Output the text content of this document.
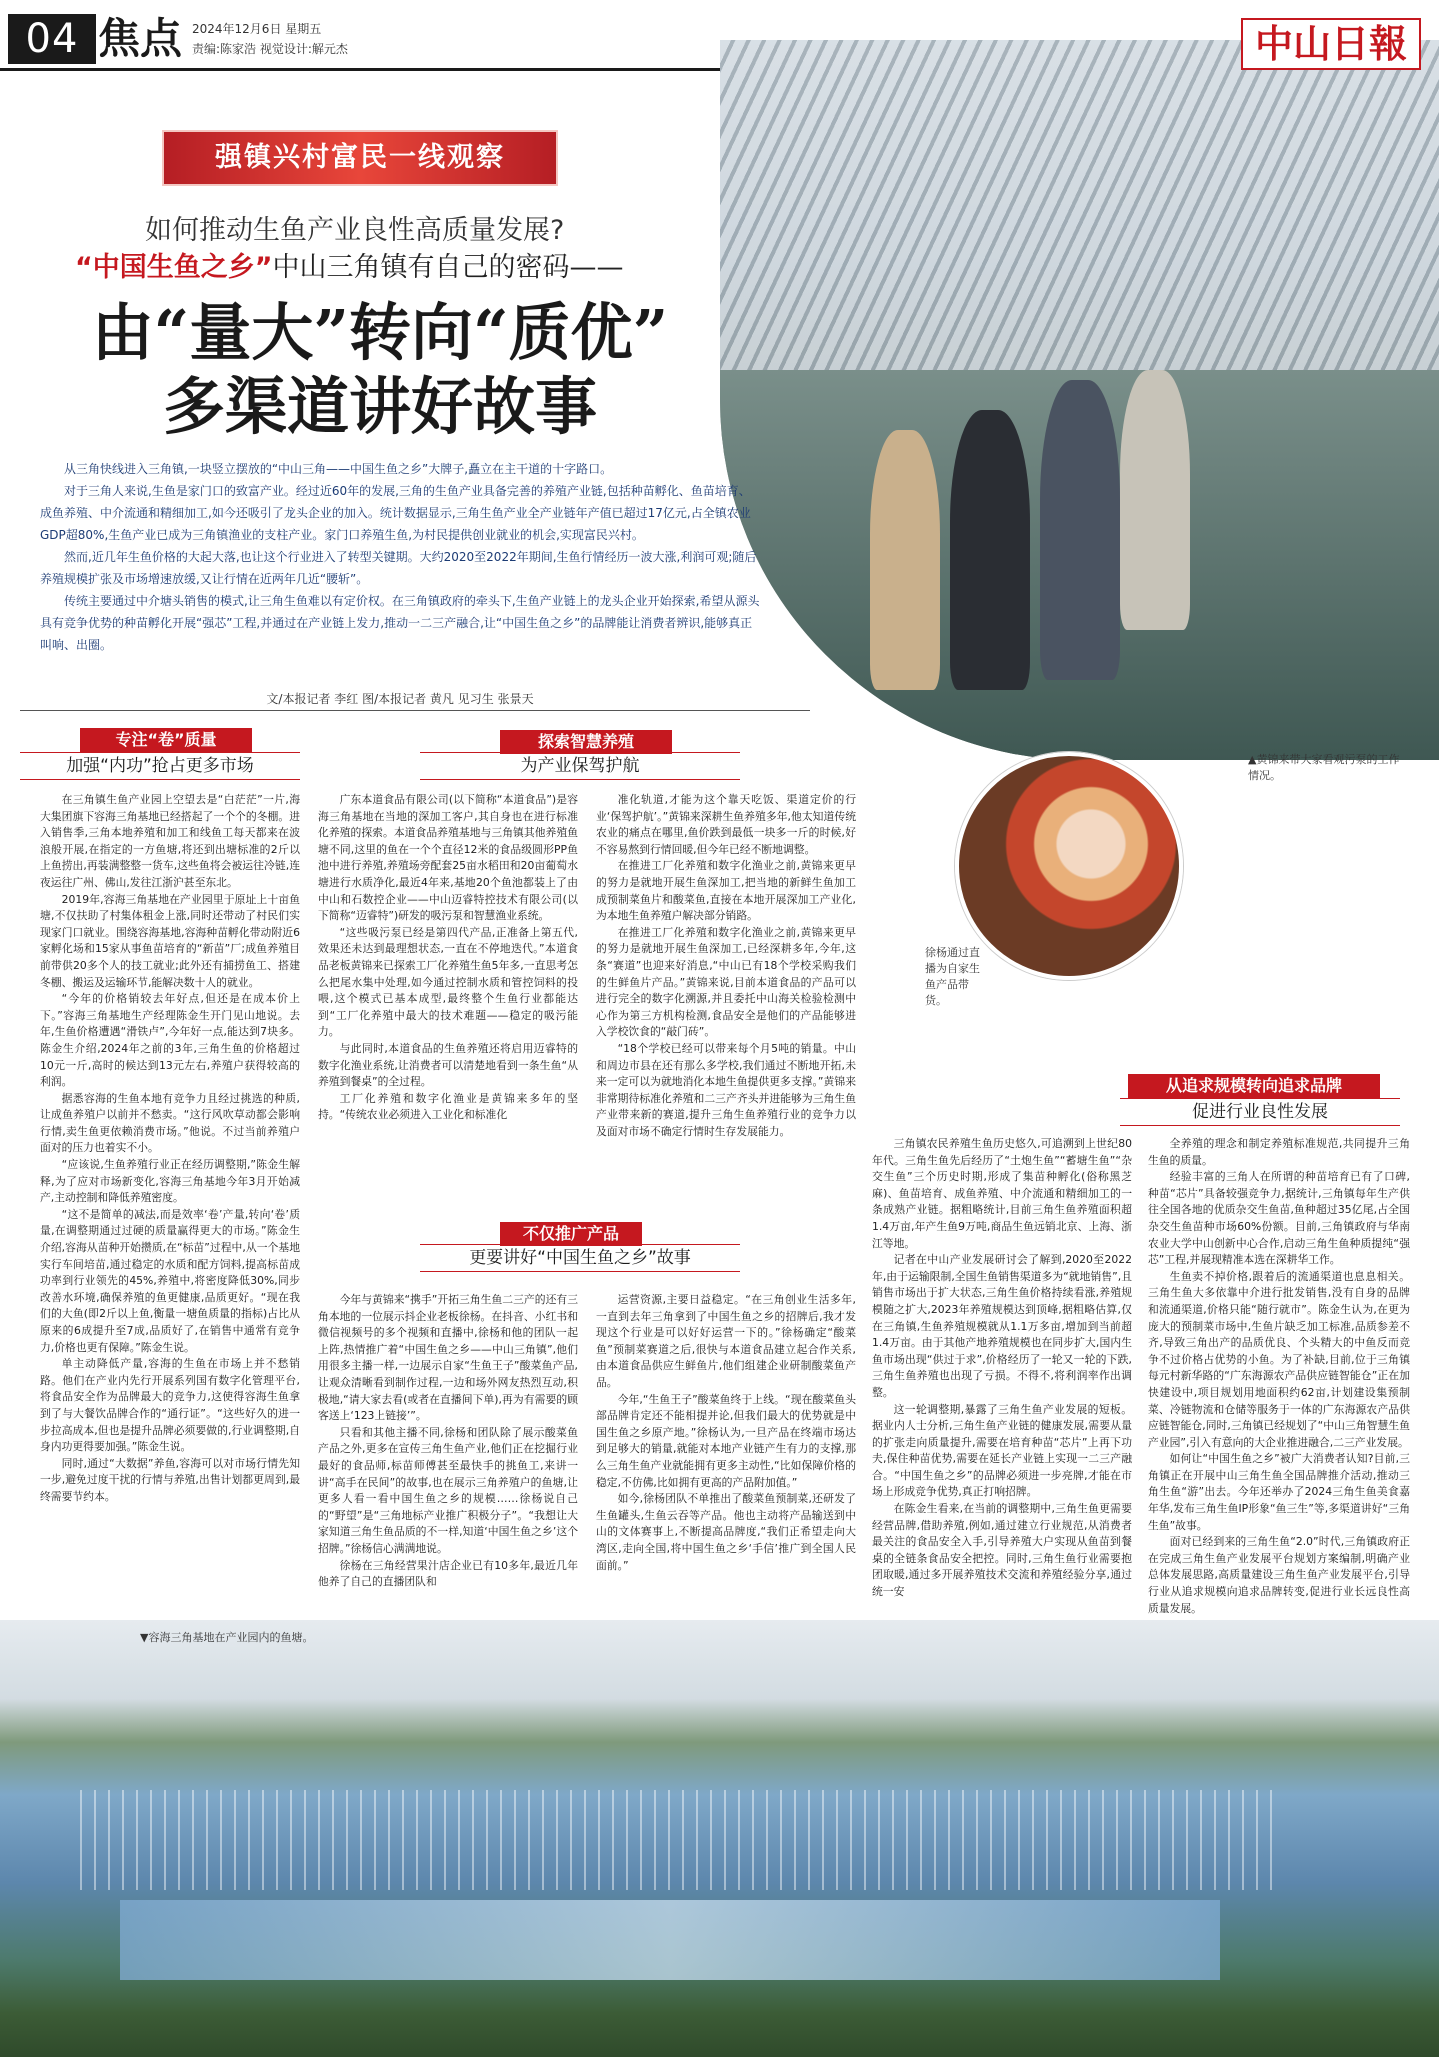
04 焦点 2024年12月6日 星期五
责编:陈家浩 视觉设计:解元杰	中山日報
强镇兴村富民一线观察
如何推动生鱼产业良性高质量发展?
“中国生鱼之乡”中山三角镇有自己的密码——
由“量大”转向“质优”
多渠道讲好故事

从三角快线进入三角镇,一块竖立摆放的“中山三角——中国生鱼之乡”大牌子,矗立在主干道的十字路口。

对于三角人来说,生鱼是家门口的致富产业。经过近60年的发展,三角的生鱼产业具备完善的养殖产业链,包括种苗孵化、鱼苗培育、成鱼养殖、中介流通和精细加工,如今还吸引了龙头企业的加入。统计数据显示,三角生鱼产业全产业链年产值已超过17亿元,占全镇农业GDP超80%,生鱼产业已成为三角镇渔业的支柱产业。家门口养殖生鱼,为村民提供创业就业的机会,实现富民兴村。

然而,近几年生鱼价格的大起大落,也让这个行业进入了转型关键期。大约2020至2022年期间,生鱼行情经历一波大涨,利润可观;随后养殖规模扩张及市场增速放缓,又让行情在近两年几近“腰斩”。

传统主要通过中介塘头销售的模式,让三角生鱼难以有定价权。在三角镇政府的牵头下,生鱼产业链上的龙头企业开始探索,希望从源头具有竞争优势的种苗孵化开展“强芯”工程,并通过在产业链上发力,推动一二三产融合,让“中国生鱼之乡”的品牌能让消费者辨识,能够真正叫响、出圈。

文/本报记者 李红 图/本报记者 黄凡 见习生 张景天
▲黄锦来带大家看观污泵的工作情况。
专注“卷”质量
加强“内功”抢占更多市场

在三角镇生鱼产业园上空望去是“白茫茫”一片,海大集团旗下容海三角基地已经搭起了一个个的冬棚。进入销售季,三角本地养殖和加工和线鱼工每天都来在波浪般开展,在指定的一方鱼塘,将还到出塘标准的2斤以上鱼捞出,再装满整整一货车,这些鱼将会被运往冷链,连夜运往广州、佛山,发往江浙沪甚至东北。

2019年,容海三角基地在产业园里于原址上十亩鱼塘,不仅扶助了村集体租金上涨,同时还带动了村民们实现家门口就业。围绕容海基地,容海种苗孵化带动附近6家孵化场和15家从事鱼苗培育的“新苗”厂;成鱼养殖目前带供20多个人的技工就业;此外还有捕捞鱼工、搭建冬棚、搬运及运输环节,能解决数十人的就业。

“今年的价格销较去年好点,但还是在成本价上下。”容海三角基地生产经理陈金生开门见山地说。去年,生鱼价格遭遇“滑铁卢”,今年好一点,能达到7块多。陈金生介绍,2024年之前的3年,三角生鱼的价格超过10元一斤,高时的候达到13元左右,养殖户获得较高的利润。

据悉容海的生鱼本地有竞争力且经过挑选的种质,让成鱼养殖户以前并不愁卖。“这行风吹草动都会影响行情,卖生鱼更依赖消费市场。”他说。不过当前养殖户面对的压力也着实不小。

“应该说,生鱼养殖行业正在经历调整期,”陈金生解释,为了应对市场新变化,容海三角基地今年3月开始减产,主动控制和降低养殖密度。

“这不是简单的减法,而是效率‘卷’产量,转向‘卷’质量,在调整期通过过硬的质量赢得更大的市场。”陈金生介绍,容海从苗种开始攒质,在“标苗”过程中,从一个基地实行车间培苗,通过稳定的水质和配方饲料,提高标苗成功率到行业领先的45%,养殖中,将密度降低30%,同步改善水环境,确保养殖的鱼更健康,品质更好。“现在我们的大鱼(即2斤以上鱼,衡量一塘鱼质量的指标)占比从原来的6成提升至7成,品质好了,在销售中通常有竞争力,价格也更有保障。”陈金生说。

单主动降低产量,容海的生鱼在市场上并不愁销路。他们在产业内先行开展系列国有数字化管理平台,将食品安全作为品牌最大的竞争力,这使得容海生鱼拿到了与大餐饮品牌合作的“通行证”。“这些好久的进一步拉高成本,但也是提升品牌必须要做的,行业调整期,自身内功更得要加强。”陈金生说。

同时,通过“大数据”养鱼,容海可以对市场行情先知一步,避免过度干扰的行情与养殖,出售计划都更周到,最终需要节约本。

探索智慧养殖
为产业保驾护航

广东本道食品有限公司(以下简称“本道食品”)是容海三角基地在当地的深加工客户,其自身也在进行标准化养殖的探索。本道食品养殖基地与三角镇其他养殖鱼塘不同,这里的鱼在一个个直径12米的食品级圆形PP鱼池中进行养殖,养殖场旁配套25亩水稻田和20亩葡萄水塘进行水质净化,最近4年来,基地20个鱼池都装上了由中山和石数控企业——中山迈睿特控技术有限公司(以下简称“迈睿特”)研发的吸污泵和智慧渔业系统。

“这些吸污泵已经是第四代产品,正准备上第五代,效果还未达到最理想状态,一直在不停地迭代。”本道食品老板黄锦来已探索工厂化养殖生鱼5年多,一直思考怎么把尾水集中处理,如今通过控制水质和管控饲料的投喂,这个模式已基本成型,最终整个生鱼行业都能达到“工厂化养殖中最大的技术难题——稳定的吸污能力。

与此同时,本道食品的生鱼养殖还将启用迈睿特的数字化渔业系统,让消费者可以清楚地看到一条生鱼“从养殖到餐桌”的全过程。

工厂化养殖和数字化渔业是黄锦来多年的坚持。“传统农业必须进入工业化和标准化

准化轨道,才能为这个靠天吃饭、渠道定价的行业‘保驾护航’。”黄锦来深耕生鱼养殖多年,他太知道传统农业的痛点在哪里,鱼价跌到最低一块多一斤的时候,好不容易熬到行情回暖,但今年已经不断地调整。

在推进工厂化养殖和数字化渔业之前,黄锦来更早的努力是就地开展生鱼深加工,把当地的新鲜生鱼加工成预制菜鱼片和酸菜鱼,直接在本地开展深加工产业化,为本地生鱼养殖户解决部分销路。

在推进工厂化养殖和数字化渔业之前,黄锦来更早的努力是就地开展生鱼深加工,已经深耕多年,今年,这条“赛道”也迎来好消息,“中山已有18个学校采购我们的生鲜鱼片产品。”黄锦来说,目前本道食品的产品可以进行完全的数字化溯源,并且委托中山海关检验检测中心作为第三方机构检测,食品安全是他们的产品能够进入学校饮食的“敲门砖”。

“18个学校已经可以带来每个月5吨的销量。中山和周边市县在还有那么多学校,我们通过不断地开拓,未来一定可以为就地消化本地生鱼提供更多支撑。”黄锦来非常期待标准化养殖和二三产齐头并进能够为三角生鱼产业带来新的赛道,提升三角生鱼养殖行业的竞争力以及面对市场不确定行情时生存发展能力。

徐杨通过直播为自家生鱼产品带货。
不仅推广产品
更要讲好“中国生鱼之乡”故事

今年与黄锦来“携手”开拓三角生鱼二三产的还有三角本地的一位展示抖企业老板徐杨。在抖音、小红书和微信视频号的多个视频和直播中,徐杨和他的团队一起上阵,热情推广着“中国生鱼之乡——中山三角镇”,他们用很多主播一样,一边展示自家“生鱼王子”酸菜鱼产品,让观众清晰看到制作过程,一边和场外网友热烈互动,积极地,“请大家去看(或者在直播间下单),再为有需要的顾客送上‘123上链接’”。

只看和其他主播不同,徐杨和团队除了展示酸菜鱼产品之外,更多在宣传三角生鱼产业,他们正在挖掘行业最好的食品师,标苗师傅甚至最快手的挑鱼工,来讲一讲“高手在民间”的故事,也在展示三角养殖户的鱼塘,让更多人看一看中国生鱼之乡的规模……徐杨说自己的“野望”是“三角地标产业推广积极分子”。“我想让大家知道三角生鱼品质的不一样,知道‘中国生鱼之乡’这个招牌。”徐杨信心满满地说。

徐杨在三角经营果汁店企业已有10多年,最近几年他养了自己的直播团队和

运营资源,主要日益稳定。“在三角创业生活多年,一直到去年三角拿到了中国生鱼之乡的招牌后,我才发现这个行业是可以好好运营一下的。”徐杨确定“酸菜鱼”预制菜赛道之后,很快与本道食品建立起合作关系,由本道食品供应生鲜鱼片,他们组建企业研制酸菜鱼产品。

今年,“生鱼王子”酸菜鱼终于上线。“现在酸菜鱼头部品牌肯定还不能相提并论,但我们最大的优势就是中国生鱼之乡原产地。”徐杨认为,一旦产品在终端市场达到足够大的销量,就能对本地产业链产生有力的支撑,那么三角生鱼产业就能拥有更多主动性,“比如保障价格的稳定,不仿佛,比如拥有更高的产品附加值。”

如今,徐杨团队不单推出了酸菜鱼预制菜,还研发了生鱼罐头,生鱼云吞等产品。他也主动将产品输送到中山的文体赛事上,不断提高品牌度,“我们正希望走向大湾区,走向全国,将中国生鱼之乡‘手信’推广到全国人民面前。”

从追求规模转向追求品牌
促进行业良性发展

三角镇农民养殖生鱼历史悠久,可追溯到上世纪80年代。三角生鱼先后经历了“土炮生鱼”“蓄塘生鱼”“杂交生鱼”三个历史时期,形成了集苗种孵化(俗称黑芝麻)、鱼苗培育、成鱼养殖、中介流通和精细加工的一条成熟产业链。据粗略统计,目前三角生鱼养殖面积超1.4万亩,年产生鱼9万吨,商品生鱼远销北京、上海、浙江等地。

记者在中山产业发展研讨会了解到,2020至2022年,由于运输限制,全国生鱼销售渠道多为“就地销售”,且销售市场出于扩大状态,三角生鱼价格持续看涨,养殖规模随之扩大,2023年养殖规模达到顶峰,据粗略估算,仅在三角镇,生鱼养殖规模就从1.1万多亩,增加到当前超1.4万亩。由于其他产地养殖规模也在同步扩大,国内生鱼市场出现“供过于求”,价格经历了一轮又一轮的下跌,三角生鱼养殖也出现了亏损。不得不,将利润率作出调整。

这一轮调整期,暴露了三角生鱼产业发展的短板。据业内人士分析,三角生鱼产业链的健康发展,需要从量的扩张走向质量提升,需要在培育种苗“芯片”上再下功夫,保住种苗优势,需要在延长产业链上实现一二三产融合。“中国生鱼之乡”的品牌必须进一步亮牌,才能在市场上形成竞争优势,真正打响招牌。

在陈金生看来,在当前的调整期中,三角生鱼更需要经营品牌,借助养殖,例如,通过建立行业规范,从消费者最关注的食品安全入手,引导养殖大户实现从鱼苗到餐桌的全链条食品安全把控。同时,三角生鱼行业需要抱团取暖,通过多开展养殖技术交流和养殖经验分享,通过统一安

全养殖的理念和制定养殖标准规范,共同提升三角生鱼的质量。

经验丰富的三角人在所谓的种苗培育已有了口碑,种苗“芯片”具备较强竞争力,据统计,三角镇每年生产供往全国各地的优质杂交生鱼苗,鱼种超过35亿尾,占全国杂交生鱼苗种市场60%份额。目前,三角镇政府与华南农业大学中山创新中心合作,启动三角生鱼种质提纯“强芯”工程,并展现精准本选在深耕华工作。

生鱼卖不掉价格,跟着后的流通渠道也息息相关。三角生鱼大多依靠中介进行批发销售,没有自身的品牌和流通渠道,价格只能“随行就市”。陈金生认为,在更为庞大的预制菜市场中,生鱼片缺乏加工标准,品质参差不齐,导致三角出产的品质优良、个头精大的中鱼反而竞争不过价格占优势的小鱼。为了补缺,目前,位于三角镇每元村新华路的“广东海源农产品供应链智能仓”正在加快建设中,项目规划用地面积约62亩,计划建设集预制菜、冷链物流和仓储等服务于一体的广东海源农产品供应链智能仓,同时,三角镇已经规划了“中山三角智慧生鱼产业园”,引入有意向的大企业推进融合,二三产业发展。

如何让“中国生鱼之乡”被广大消费者认知?目前,三角镇正在开展中山三角生鱼全国品牌推介活动,推动三角生鱼“游”出去。今年还举办了2024三角生鱼美食嘉年华,发布三角生鱼IP形象“鱼三生”等,多渠道讲好“三角生鱼”故事。

面对已经到来的三角生鱼“2.0”时代,三角镇政府正在完成三角生鱼产业发展平台规划方案编制,明确产业总体发展思路,高质量建设三角生鱼产业发展平台,引导行业从追求规模向追求品牌转变,促进行业长远良性高质量发展。

▼容海三角基地在产业园内的鱼塘。
